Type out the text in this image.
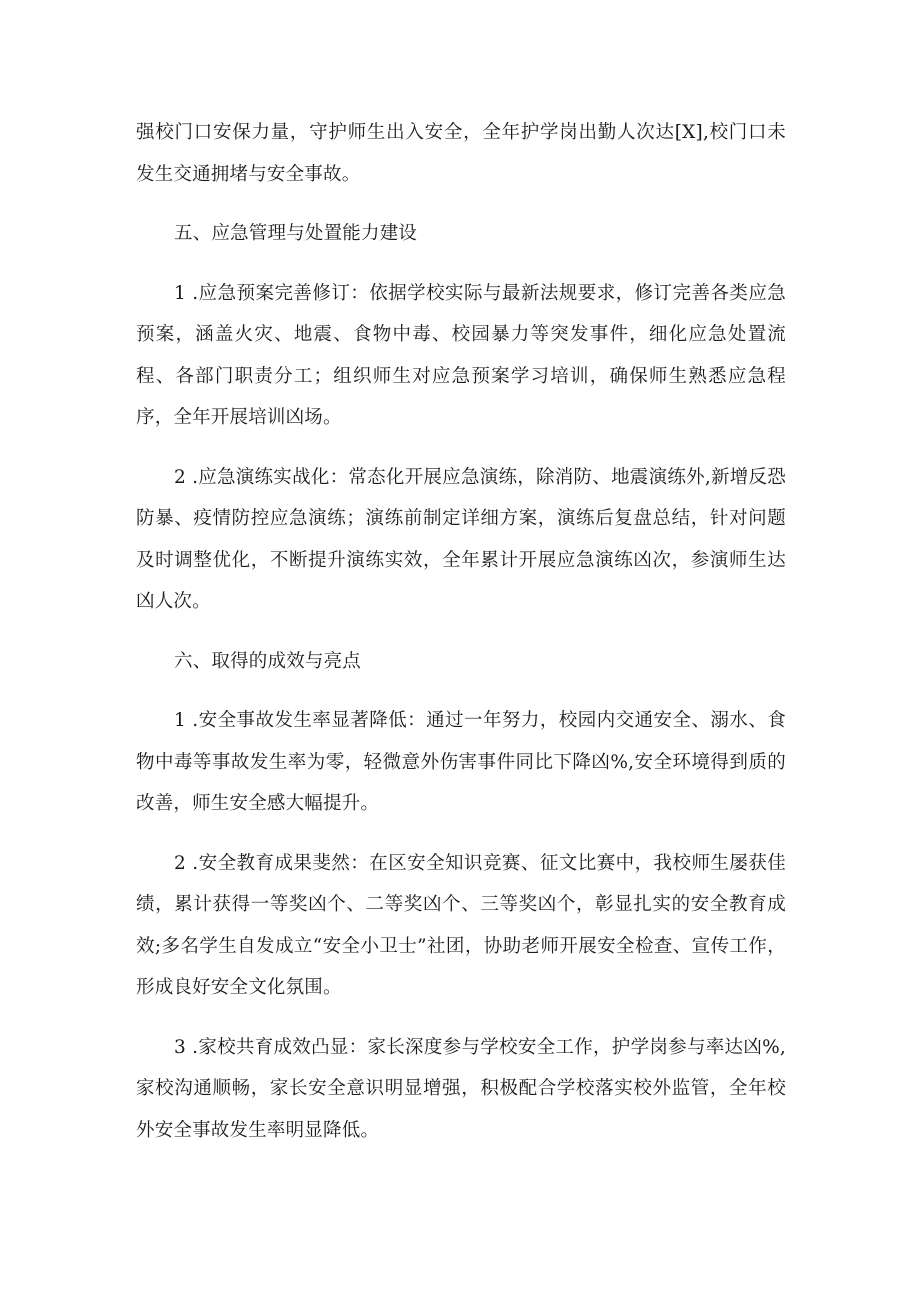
强校门口安保力量，守护师生出入安全，全年护学岗出勤人次达[X],校门口未发生交通拥堵与安全事故。

五、应急管理与处置能力建设

1 .应急预案完善修订：依据学校实际与最新法规要求，修订完善各类应急预案，涵盖火灾、地震、食物中毒、校园暴力等突发事件，细化应急处置流程、各部门职责分工；组织师生对应急预案学习培训，确保师生熟悉应急程序，全年开展培训凶场。

2 .应急演练实战化：常态化开展应急演练，除消防、地震演练外,新增反恐防暴、疫情防控应急演练；演练前制定详细方案，演练后复盘总结，针对问题及时调整优化，不断提升演练实效，全年累计开展应急演练凶次，参演师生达凶人次。

六、取得的成效与亮点

1 .安全事故发生率显著降低：通过一年努力，校园内交通安全、溺水、食物中毒等事故发生率为零，轻微意外伤害事件同比下降凶%,安全环境得到质的改善，师生安全感大幅提升。

2 .安全教育成果斐然：在区安全知识竞赛、征文比赛中，我校师生屡获佳绩，累计获得一等奖凶个、二等奖凶个、三等奖凶个，彰显扎实的安全教育成效;多名学生自发成立“安全小卫士”社团，协助老师开展安全检查、宣传工作，形成良好安全文化氛围。

3 .家校共育成效凸显：家长深度参与学校安全工作，护学岗参与率达凶%,家校沟通顺畅，家长安全意识明显增强，积极配合学校落实校外监管，全年校外安全事故发生率明显降低。
